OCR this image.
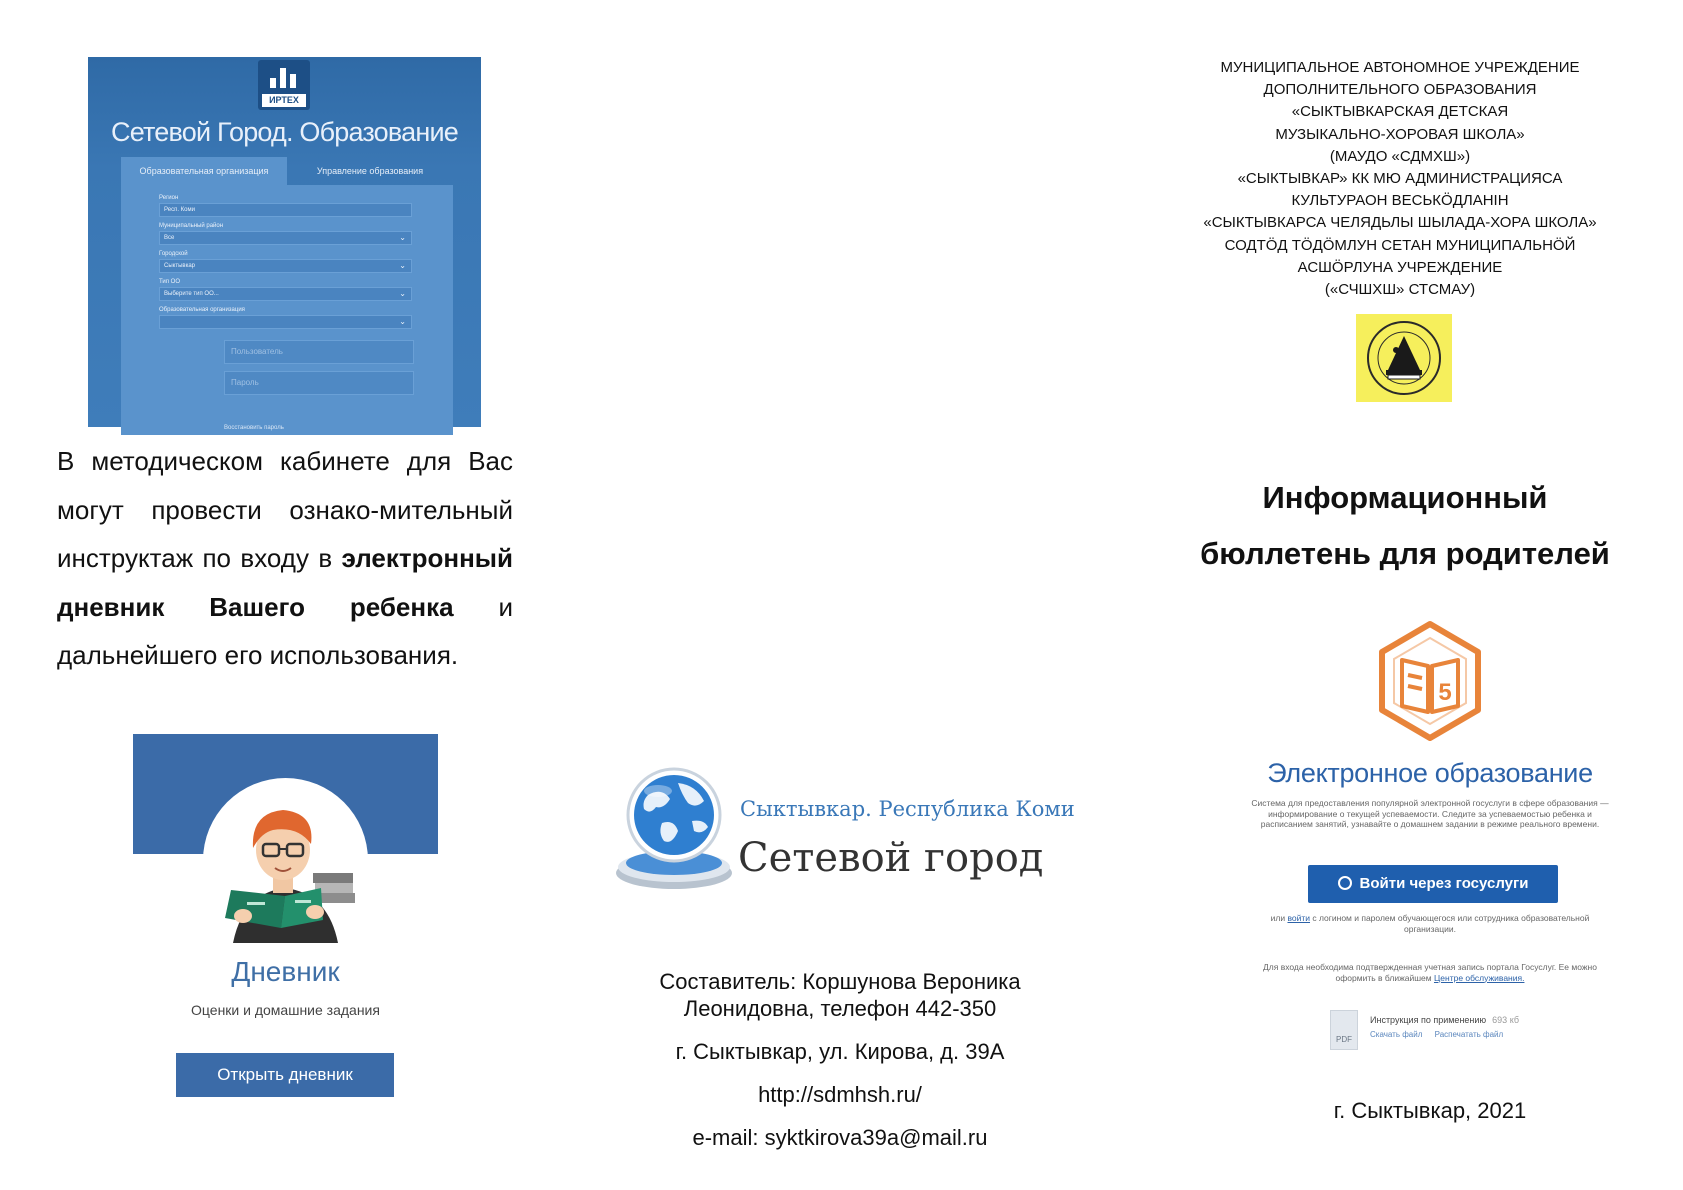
ИРТЕХ
Сетевой Город. Образование
Образовательная организация	Управление образования
Регион
Респ. Коми
Муниципальный район
Все	⌄
Городской
Сыктывкар	⌄
Тип ОО
Выберите тип ОО...	⌄
Образовательная организация
⌄
Пользователь
Пароль
Восстановить пароль
В методическом кабинете для Вас могут провести ознако-мительный инструктаж по входу в электронный дневник Вашего ребенка и дальнейшего его использования.
Дневник
Оценки и домашние задания
Открыть дневник
Сыктывкар. Республика Коми
Сетевой город
Составитель: Коршунова Вероника
Леонидовна, телефон 442-350
г. Сыктывкар, ул. Кирова, д. 39А
http://sdmhsh.ru/
e-mail: syktkirova39a@mail.ru
МУНИЦИПАЛЬНОЕ АВТОНОМНОЕ УЧРЕЖДЕНИЕ
ДОПОЛНИТЕЛЬНОГО ОБРАЗОВАНИЯ
«СЫКТЫВКАРСКАЯ ДЕТСКАЯ
МУЗЫКАЛЬНО-ХОРОВАЯ ШКОЛА»
(МАУДО «СДМХШ»)
«СЫКТЫВКАР» КК МЮ АДМИНИСТРАЦИЯСА
КУЛЬТУРАОН ВЕСЬКÖДЛАНIН
«СЫКТЫВКАРСА ЧЕЛЯДЬЛЫ ШЫЛАДА-ХОРА ШКОЛА»
СОДТÖД ТÖДÖМЛУН СЕТАН МУНИЦИПАЛЬНÖЙ
АСШÖРЛУНА УЧРЕЖДЕНИЕ
(«СЧШХШ» СТСМАУ)
Информационный
бюллетень для родителей
5
Электронное образование
Система для предоставления популярной электронной госуслуги в сфере образования — информирование о текущей успеваемости. Следите за успеваемостью ребенка и расписанием занятий, узнавайте о домашнем задании в режиме реального времени.
Войти через госуслуги
или войти с логином и паролем обучающегося или сотрудника образовательной организации.
Для входа необходима подтвержденная учетная запись портала Госуслуг. Ее можно оформить в ближайшем Центре обслуживания.
PDF
Инструкция по применению 693 кб
Скачать файл Распечатать файл
г. Сыктывкар, 2021
